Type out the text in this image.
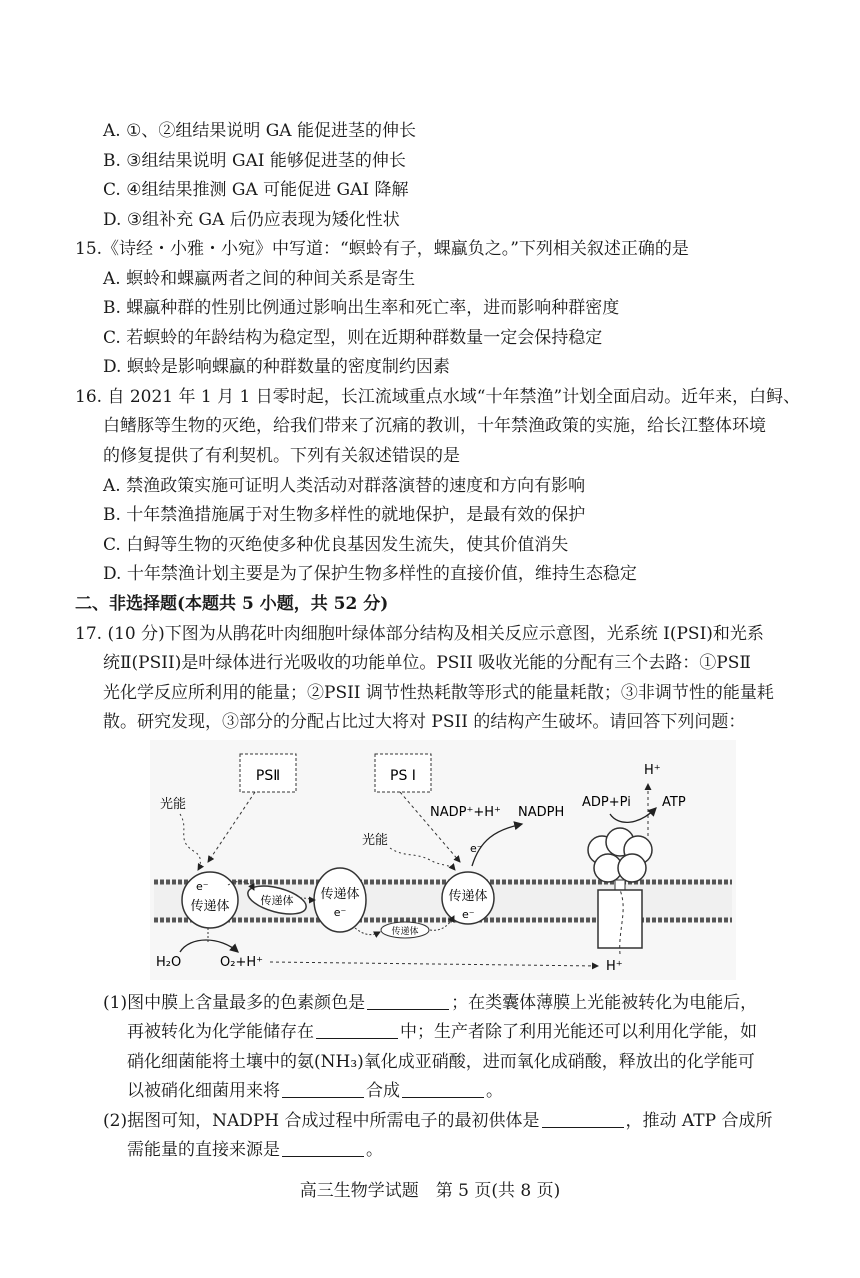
A. ①、②组结果说明 GA 能促进茎的伸长
B. ③组结果说明 GAI 能够促进茎的伸长
C. ④组结果推测 GA 可能促进 GAI 降解
D. ③组补充 GA 后仍应表现为矮化性状
15.《诗经・小雅・小宛》中写道：“螟蛉有子，蜾蠃负之。”下列相关叙述正确的是
A. 螟蛉和蜾蠃两者之间的种间关系是寄生
B. 蜾蠃种群的性别比例通过影响出生率和死亡率，进而影响种群密度
C. 若螟蛉的年龄结构为稳定型，则在近期种群数量一定会保持稳定
D. 螟蛉是影响蜾蠃的种群数量的密度制约因素
16. 自 2021 年 1 月 1 日零时起，长江流域重点水域“十年禁渔”计划全面启动。近年来，白鲟、
白鳍豚等生物的灭绝，给我们带来了沉痛的教训，十年禁渔政策的实施，给长江整体环境
的修复提供了有利契机。下列有关叙述错误的是
A. 禁渔政策实施可证明人类活动对群落演替的速度和方向有影响
B. 十年禁渔措施属于对生物多样性的就地保护，是最有效的保护
C. 白鲟等生物的灭绝使多种优良基因发生流失，使其价值消失
D. 十年禁渔计划主要是为了保护生物多样性的直接价值，维持生态稳定
二、非选择题(本题共 5 小题，共 52 分)
17. (10 分)下图为从鹃花叶肉细胞叶绿体部分结构及相关反应示意图，光系统 I(PSI)和光系
统Ⅱ(PSII)是叶绿体进行光吸收的功能单位。PSII 吸收光能的分配有三个去路：①PSⅡ
光化学反应所利用的能量；②PSII 调节性热耗散等形式的能量耗散；③非调节性的能量耗
散。研究发现，③部分的分配占比过大将对 PSII 的结构产生破坏。请回答下列问题：
PSⅡ	PS I
光能
光能
e⁻
传递体	传递体 传递体
e⁻
传递体
传递体
e⁻
e⁻
NADP⁺+H⁺ NADPH
ADP+Pi ATP
H⁺
H₂O	O₂+H⁺	H⁺
(1)图中膜上含量最多的色素颜色是	；在类囊体薄膜上光能被转化为电能后，
再被转化为化学能储存在	中；生产者除了利用光能还可以利用化学能，如
硝化细菌能将土壤中的氨(NH₃)氧化成亚硝酸，进而氧化成硝酸，释放出的化学能可
以被硝化细菌用来将	合成	。
(2)据图可知，NADPH 合成过程中所需电子的最初供体是	，推动 ATP 合成所
需能量的直接来源是	。
高三生物学试题　第 5 页(共 8 页)
